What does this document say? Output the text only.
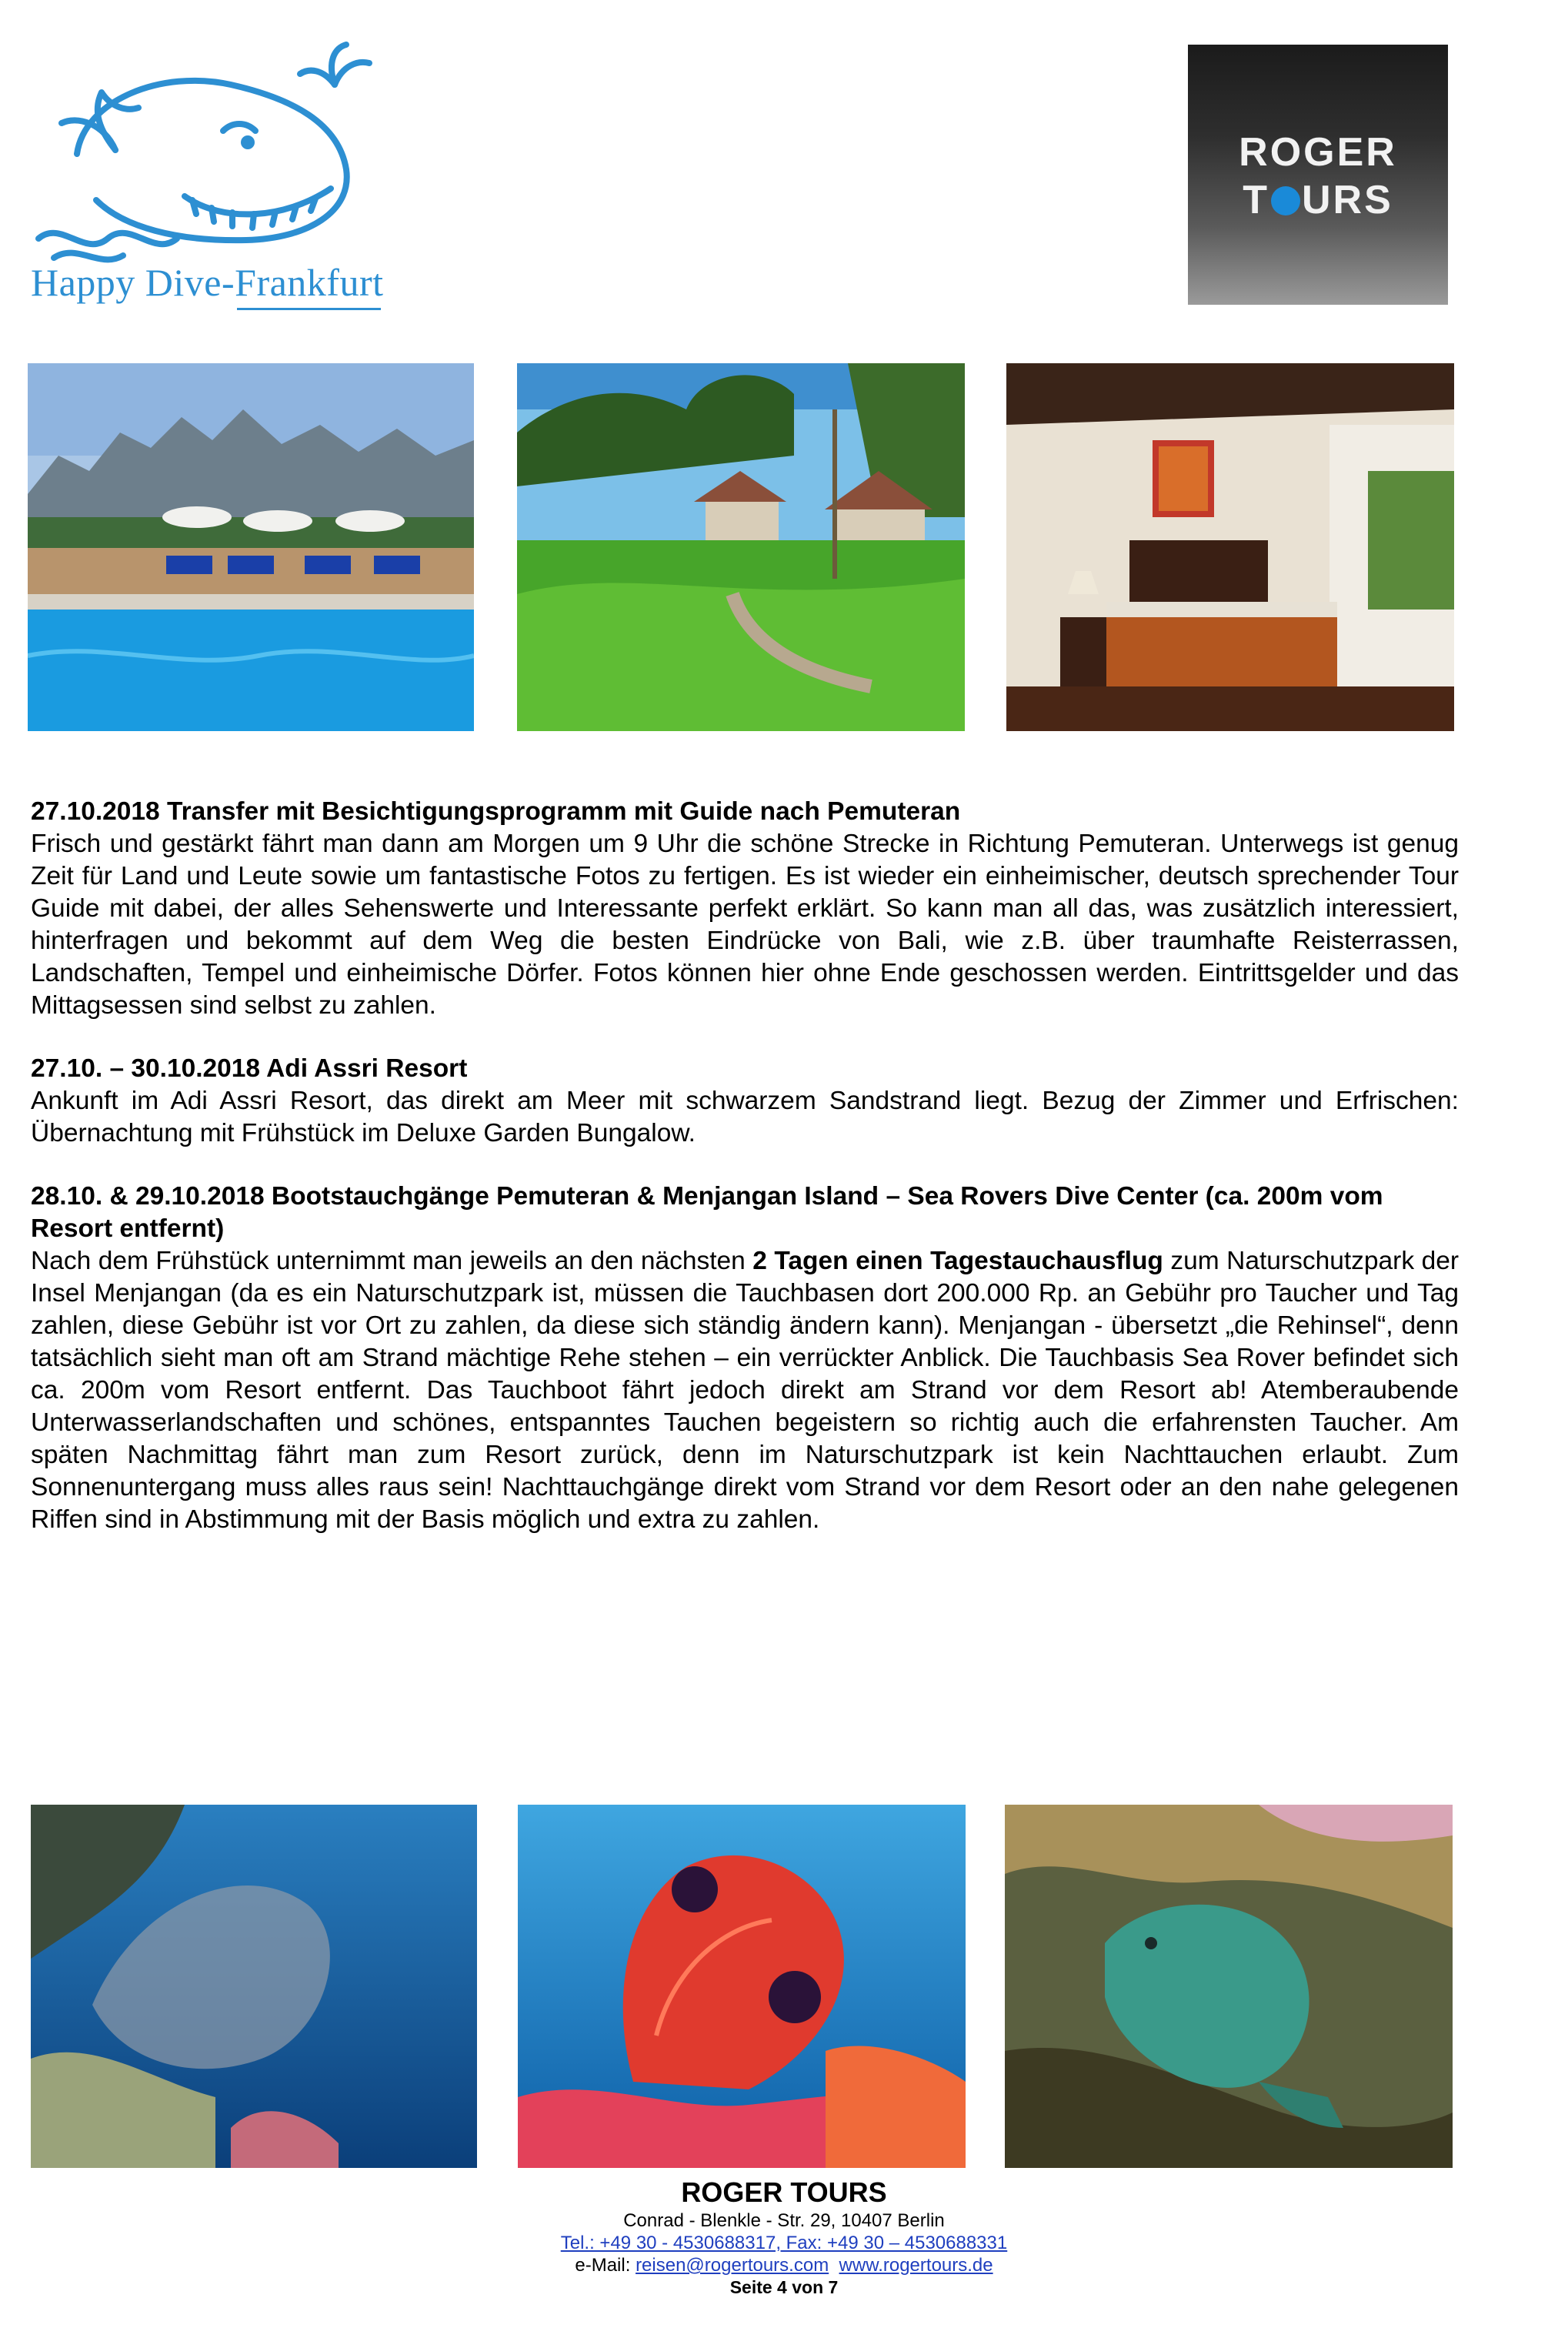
Happy Dive-Frankfurt
ROGER
T URS
27.10.2018 Transfer mit Besichtigungsprogramm mit Guide nach Pemuteran
Frisch und gestärkt fährt man dann am Morgen um 9 Uhr die schöne Strecke in Richtung Pemuteran. Unterwegs ist genug Zeit für Land und Leute sowie um fantastische Fotos zu fertigen. Es ist wieder ein einheimischer, deutsch sprechender Tour Guide mit dabei, der alles Sehenswerte und Interessante perfekt erklärt. So kann man all das, was zusätzlich interessiert, hinterfragen und bekommt auf dem Weg die besten Eindrücke von Bali, wie z.B. über traumhafte Reisterrassen, Landschaften, Tempel und einheimische Dörfer. Fotos können hier ohne Ende geschossen werden. Eintrittsgelder und das Mittagsessen sind selbst zu zahlen.
27.10. – 30.10.2018 Adi Assri Resort
Ankunft im Adi Assri Resort, das direkt am Meer mit schwarzem Sandstrand liegt. Bezug der Zimmer und Erfrischen: Übernachtung mit Frühstück im Deluxe Garden Bungalow.
28.10. & 29.10.2018 Bootstauchgänge Pemuteran & Menjangan Island – Sea Rovers Dive Center (ca. 200m vom Resort entfernt)
Nach dem Frühstück unternimmt man jeweils an den nächsten 2 Tagen einen Tagestauchausflug zum Naturschutzpark der Insel Menjangan (da es ein Naturschutzpark ist, müssen die Tauchbasen dort 200.000 Rp. an Gebühr pro Taucher und Tag zahlen, diese Gebühr ist vor Ort zu zahlen, da diese sich ständig ändern kann). Menjangan - übersetzt „die Rehinsel“, denn tatsächlich sieht man oft am Strand mächtige Rehe stehen – ein verrückter Anblick. Die Tauchbasis Sea Rover befindet sich ca. 200m vom Resort entfernt. Das Tauchboot fährt jedoch direkt am Strand vor dem Resort ab! Atemberaubende Unterwasserlandschaften und schönes, entspanntes Tauchen begeistern so richtig auch die erfahrensten Taucher. Am späten Nachmittag fährt man zum Resort zurück, denn im Naturschutzpark ist kein Nachttauchen erlaubt. Zum Sonnenuntergang muss alles raus sein! Nachttauchgänge direkt vom Strand vor dem Resort oder an den nahe gelegenen Riffen sind in Abstimmung mit der Basis möglich und extra zu zahlen.
ROGER TOURS
Conrad - Blenkle - Str. 29, 10407 Berlin
Tel.: +49 30 - 4530688317, Fax: +49 30 – 4530688331
e-Mail: reisen@rogertours.com www.rogertours.de
Seite 4 von 7
